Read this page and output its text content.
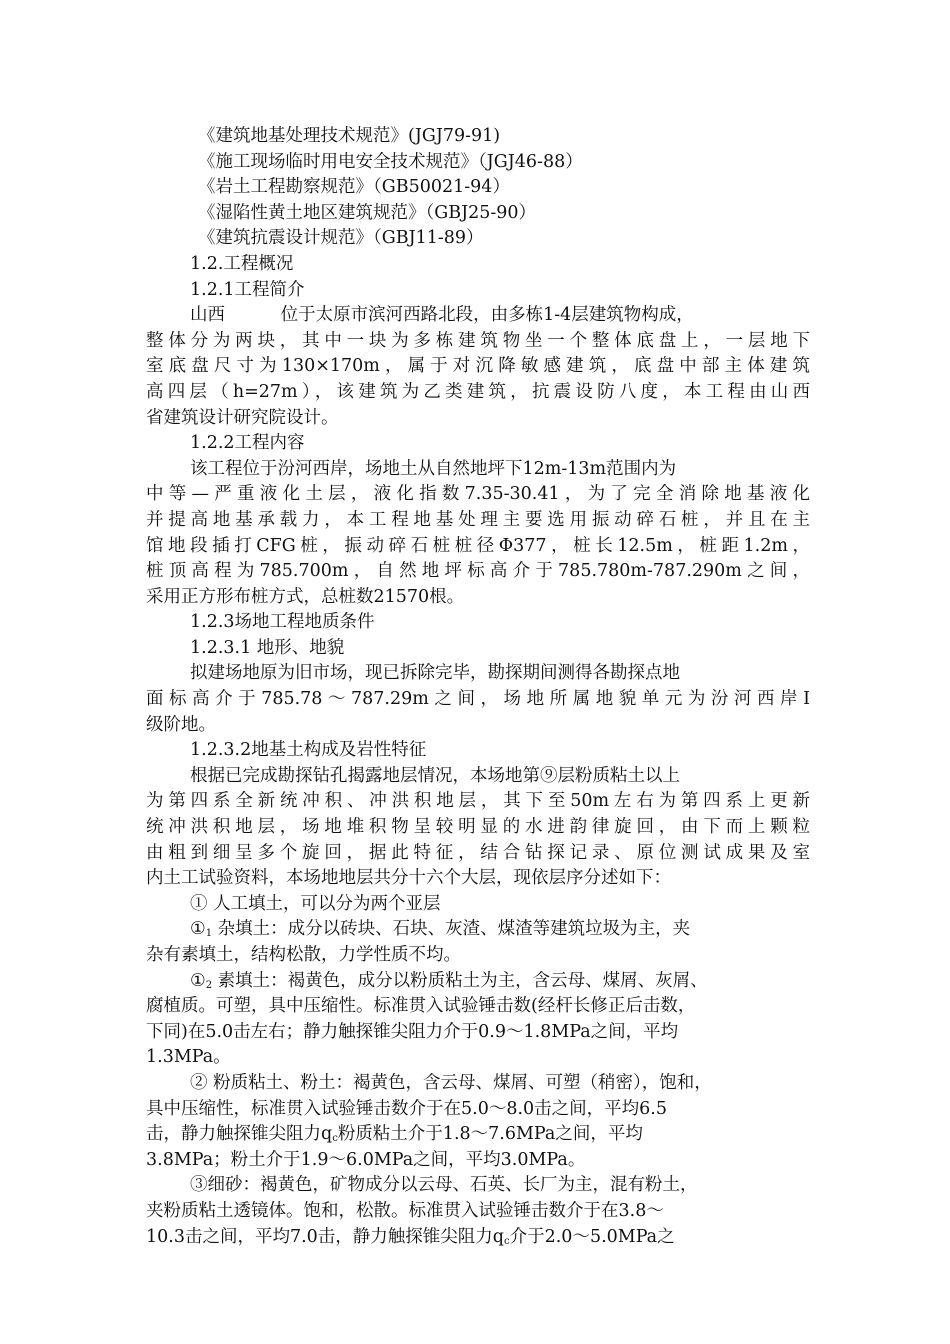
《建筑地基处理技术规范》(JGJ79-91)
《施工现场临时用电安全技术规范》（JGJ46-88）
《岩土工程勘察规范》（GB50021-94）
《湿陷性黄土地区建筑规范》（GBJ25-90）
《建筑抗震设计规范》（GBJ11-89）
1.2.工程概况
1.2.1工程简介
山西          位于太原市滨河西路北段，由多栋1-4层建筑物构成，
整体分为两块，其中一块为多栋建筑物坐一个整体底盘上，一层地下
室底盘尺寸为130×170m，属于对沉降敏感建筑，底盘中部主体建筑
高四层（h=27m），该建筑为乙类建筑，抗震设防八度，本工程由山西
省建筑设计研究院设计。
1.2.2工程内容
该工程位于汾河西岸，场地土从自然地坪下12m-13m范围内为
中等—严重液化土层，液化指数7.35-30.41，为了完全消除地基液化
并提高地基承载力，本工程地基处理主要选用振动碎石桩，并且在主
馆地段插打CFG桩，振动碎石桩桩径Φ377，桩长12.5m，桩距1.2m，
桩顶高程为785.700m，自然地坪标高介于785.780m-787.290m之间，
采用正方形布桩方式，总桩数21570根。
1.2.3场地工程地质条件
1.2.3.1 地形、地貌
拟建场地原为旧市场，现已拆除完毕，勘探期间测得各勘探点地
面标高介于785.78～787.29m之间，场地所属地貌单元为汾河西岸Ⅰ
级阶地。
1.2.3.2地基土构成及岩性特征
根据已完成勘探钻孔揭露地层情况，本场地第⑨层粉质粘土以上
为第四系全新统冲积、冲洪积地层，其下至50m左右为第四系上更新
统冲洪积地层，场地堆积物呈较明显的水进韵律旋回，由下而上颗粒
由粗到细呈多个旋回，据此特征，结合钻探记录、原位测试成果及室
内土工试验资料，本场地地层共分十六个大层，现依层序分述如下：
① 人工填土，可以分为两个亚层
$①_1$ 杂填土：成分以砖块、石块、灰渣、煤渣等建筑垃圾为主，夹
杂有素填土，结构松散，力学性质不均。
$①_2$ 素填土：褐黄色，成分以粉质粘土为主，含云母、煤屑、灰屑、
腐植质。可塑，具中压缩性。标准贯入试验锤击数(经杆长修正后击数，
下同)在5.0击左右；静力触探锥尖阻力介于0.9～1.8MPa之间，平均
1.3MPa。
② 粉质粘土、粉土：褐黄色，含云母、煤屑、可塑（稍密），饱和，
具中压缩性，标准贯入试验锤击数介于在5.0～8.0击之间，平均6.5
击，静力触探锥尖阻力$q_c$粉质粘土介于1.8～7.6MPa之间，平均
3.8MPa；粉土介于1.9～6.0MPa之间，平均3.0MPa。
③细砂：褐黄色，矿物成分以云母、石英、长厂为主，混有粉土，
夹粉质粘土透镜体。饱和，松散。标准贯入试验锤击数介于在3.8～
10.3击之间，平均7.0击，静力触探锥尖阻力$q_c$介于2.0～5.0MPa之
